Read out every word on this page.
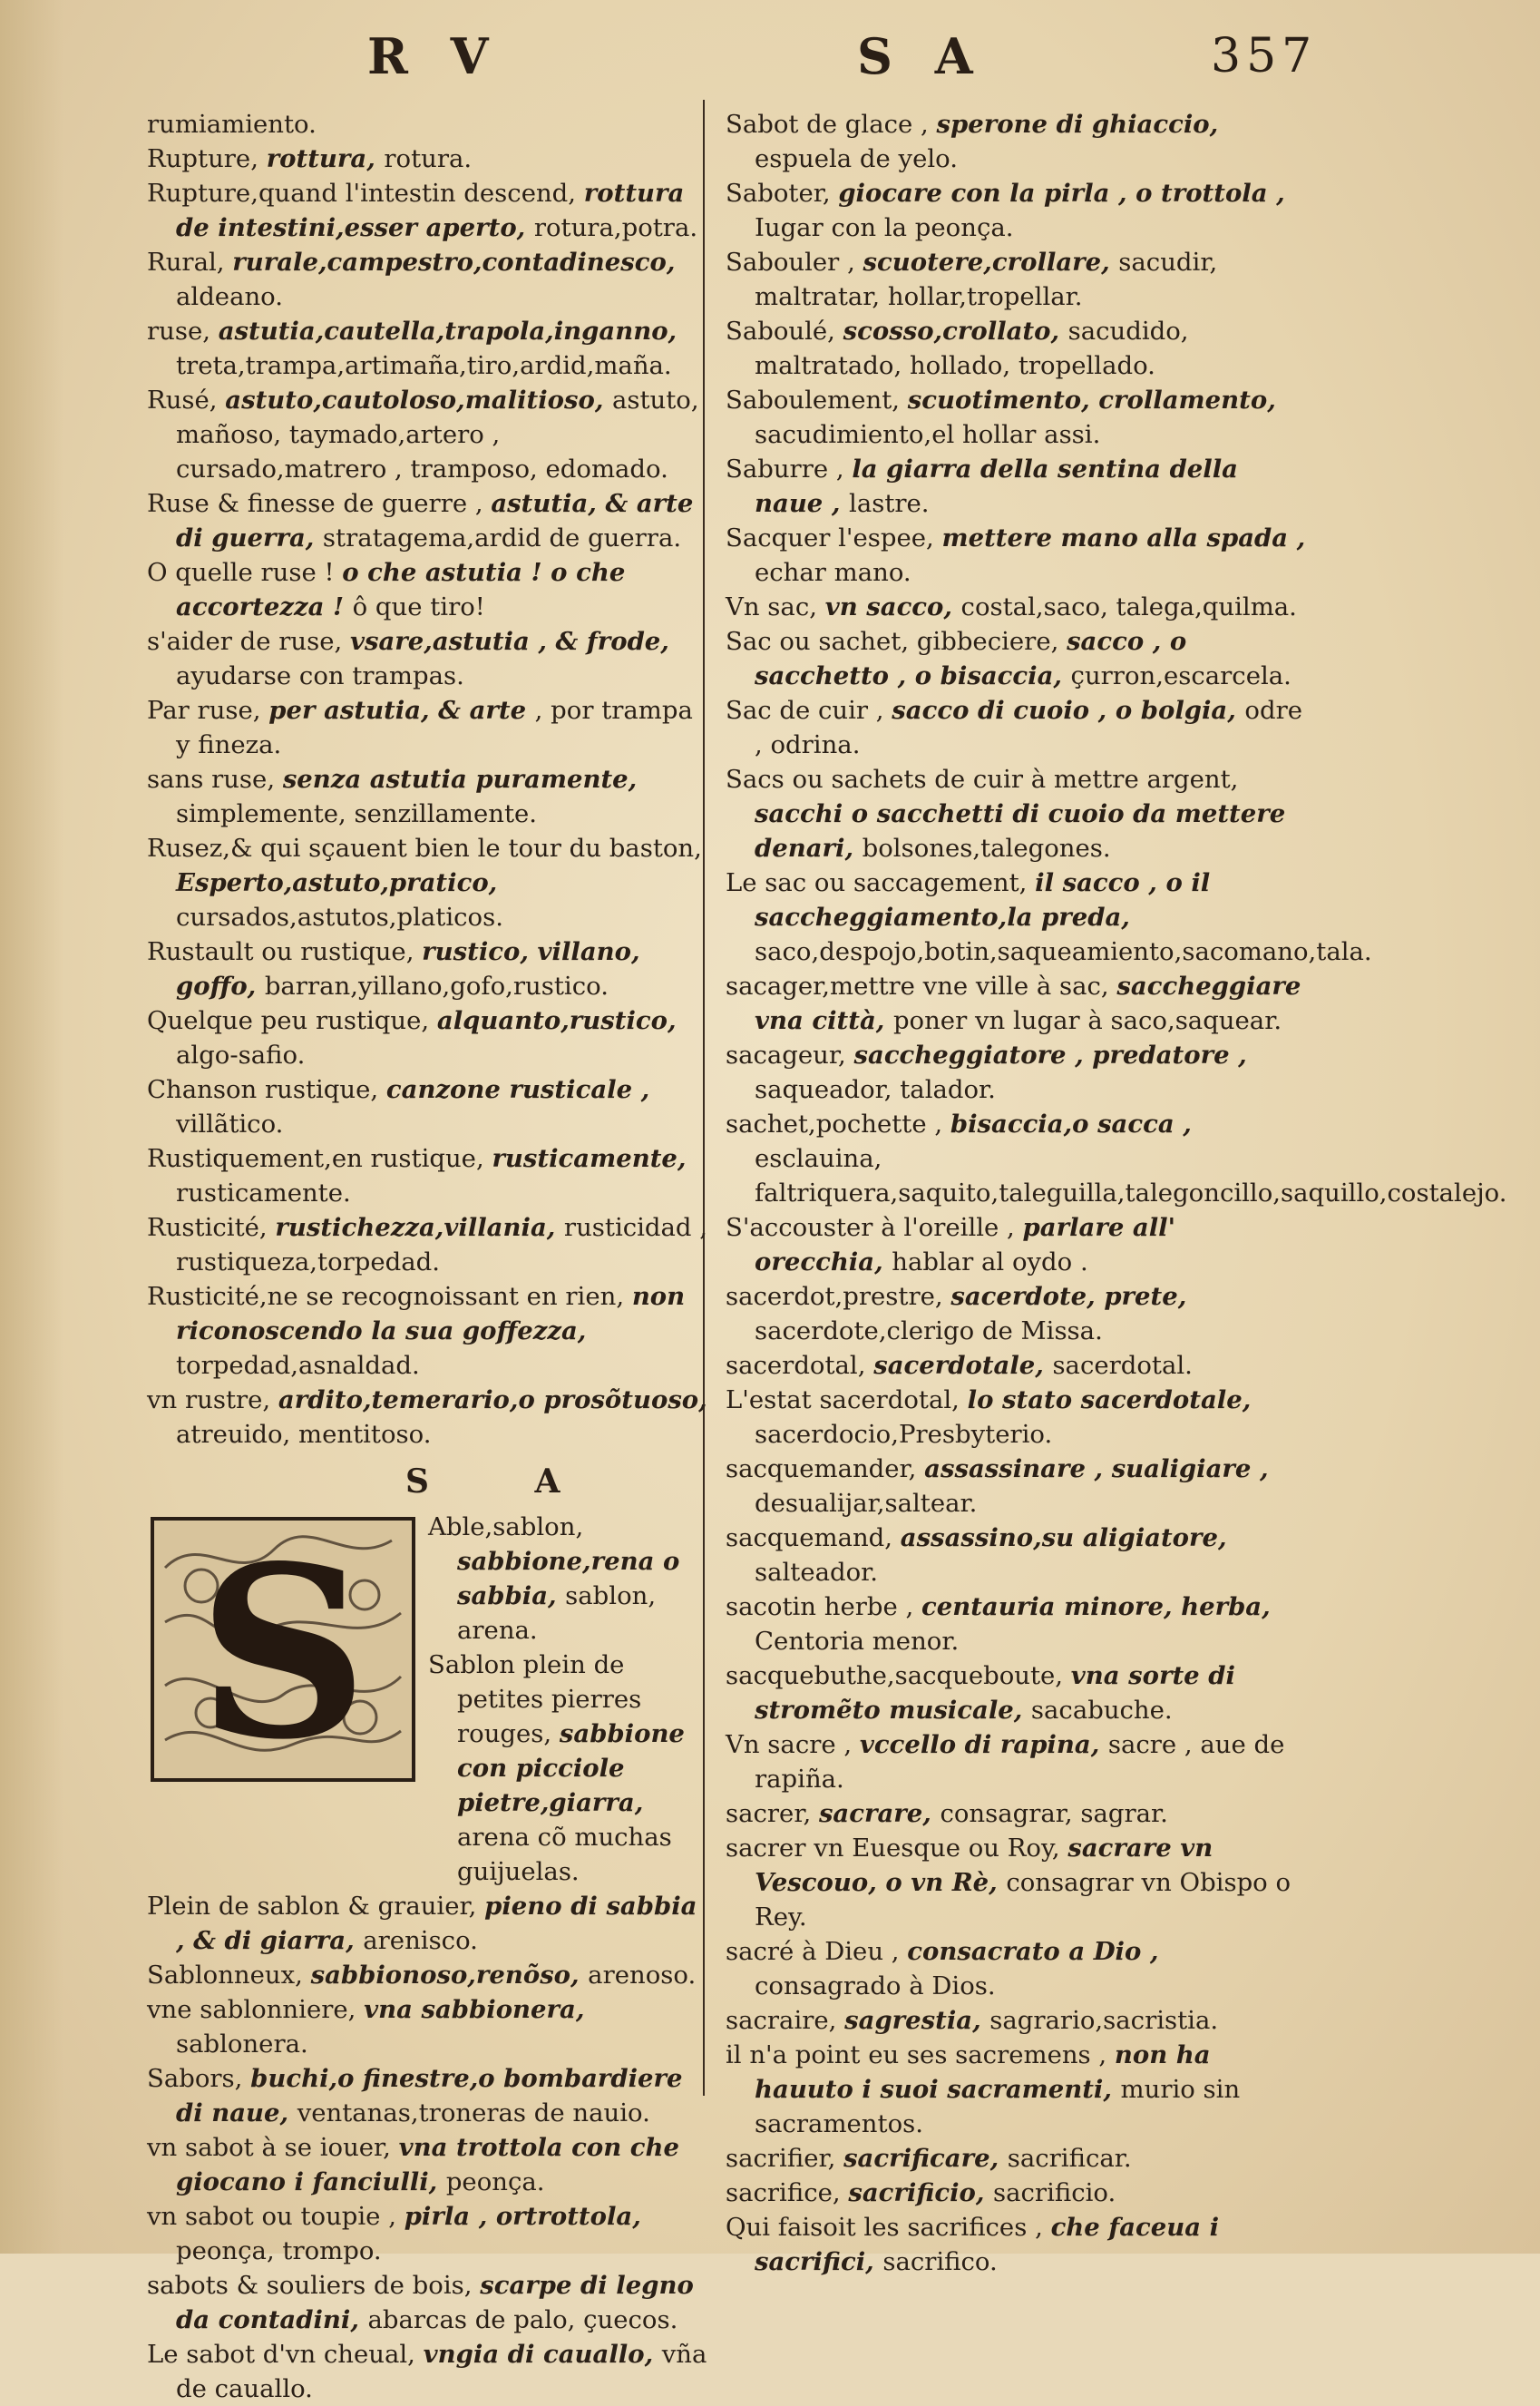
R V	S A	357

rumiamiento.

Rupture, rottura, rotura.

Rupture,quand l'intestin descend, rottura de intestini,esser aperto, rotura,potra.

Rural, rurale,campestro,contadinesco, aldeano.

ruse, astutia,cautella,trapola,inganno, treta,trampa,artimaña,tiro,ardid,maña.

Rusé, astuto,cautoloso,malitioso, astuto, mañoso, taymado,artero , cursado,matrero , tramposo, edomado.

Ruse & finesse de guerre , astutia, & arte di guerra, stratagema,ardid de guerra.

O quelle ruse ! o che astutia ! o che accortezza ! ô que tiro!

s'aider de ruse, vsare,astutia , & frode, ayudarse con trampas.

Par ruse, per astutia, & arte , por trampa y fineza.

sans ruse, senza astutia puramente, simplemente, senzillamente.

Rusez,& qui sçauent bien le tour du baston, Esperto,astuto,pratico, cursados,astutos,platicos.

Rustault ou rustique, rustico, villano, goffo, barran,yillano,gofo,rustico.

Quelque peu rustique, alquanto,rustico, algo-safio.

Chanson rustique, canzone rusticale , villãtico.

Rustiquement,en rustique, rusticamente, rusticamente.

Rusticité, rustichezza,villania, rusticidad , rustiqueza,torpedad.

Rusticité,ne se recognoissant en rien, non riconoscendo la sua goffezza, torpedad,asnaldad.

vn rustre, ardito,temerario,o prosõtuoso, atreuido, mentitoso.

S A
S Able,sablon, sabbione,rena o sabbia, sablon, arena.

Sablon plein de petites pierres rouges, sabbione con picciole pietre,giarra, arena cõ muchas guijuelas.

Plein de sablon & grauier, pieno di sabbia , & di giarra, arenisco.

Sablonneux, sabbionoso,renõso, arenoso.

vne sablonniere, vna sabbionera, sablonera.

Sabors, buchi,o finestre,o bombardiere di naue, ventanas,troneras de nauio.

vn sabot à se iouer, vna trottola con che giocano i fanciulli, peonça.

vn sabot ou toupie , pirla , ortrottola, peonça, trompo.

sabots & souliers de bois, scarpe di legno da contadini, abarcas de palo, çuecos.

Le sabot d'vn cheual, vngia di cauallo, vña de cauallo.

Sabot de glace , sperone di ghiaccio, espuela de yelo.

Saboter, giocare con la pirla , o trottola , Iugar con la peonça.

Sabouler , scuotere,crollare, sacudir, maltratar, hollar,tropellar.

Saboulé, scosso,crollato, sacudido, maltratado, hollado, tropellado.

Saboulement, scuotimento, crollamento, sacudimiento,el hollar assi.

Saburre , la giarra della sentina della naue , lastre.

Sacquer l'espee, mettere mano alla spada , echar mano.

Vn sac, vn sacco, costal,saco, talega,quilma.

Sac ou sachet, gibbeciere, sacco , o sacchetto , o bisaccia, çurron,escarcela.

Sac de cuir , sacco di cuoio , o bolgia, odre , odrina.

Sacs ou sachets de cuir à mettre argent, sacchi o sacchetti di cuoio da mettere denari, bolsones,talegones.

Le sac ou saccagement, il sacco , o il saccheggiamento,la preda, saco,despojo,botin,saqueamiento,sacomano,tala.

sacager,mettre vne ville à sac, saccheggiare vna città, poner vn lugar à saco,saquear.

sacageur, saccheggiatore , predatore , saqueador, talador.

sachet,pochette , bisaccia,o sacca , esclauina, faltriquera,saquito,taleguilla,talegoncillo,saquillo,costalejo.

S'accouster à l'oreille , parlare all' orecchia, hablar al oydo .

sacerdot,prestre, sacerdote, prete, sacerdote,clerigo de Missa.

sacerdotal, sacerdotale, sacerdotal.

L'estat sacerdotal, lo stato sacerdotale, sacerdocio,Presbyterio.

sacquemander, assassinare , sualigiare , desualijar,saltear.

sacquemand, assassino,su aligiatore, salteador.

sacotin herbe , centauria minore, herba, Centoria menor.

sacquebuthe,sacqueboute, vna sorte di stromẽto musicale, sacabuche.

Vn sacre , vccello di rapina, sacre , aue de rapiña.

sacrer, sacrare, consagrar, sagrar.

sacrer vn Euesque ou Roy, sacrare vn Vescouo, o vn Rè, consagrar vn Obispo o Rey.

sacré à Dieu , consacrato a Dio , consagrado à Dios.

sacraire, sagrestia, sagrario,sacristia.

il n'a point eu ses sacremens , non ha hauuto i suoi sacramenti, murio sin sacramentos.

sacrifier, sacrificare, sacrificar.

sacrifice, sacrificio, sacrificio.

Qui faisoit les sacrifices , che faceua i sacrifici, sacrifico.
